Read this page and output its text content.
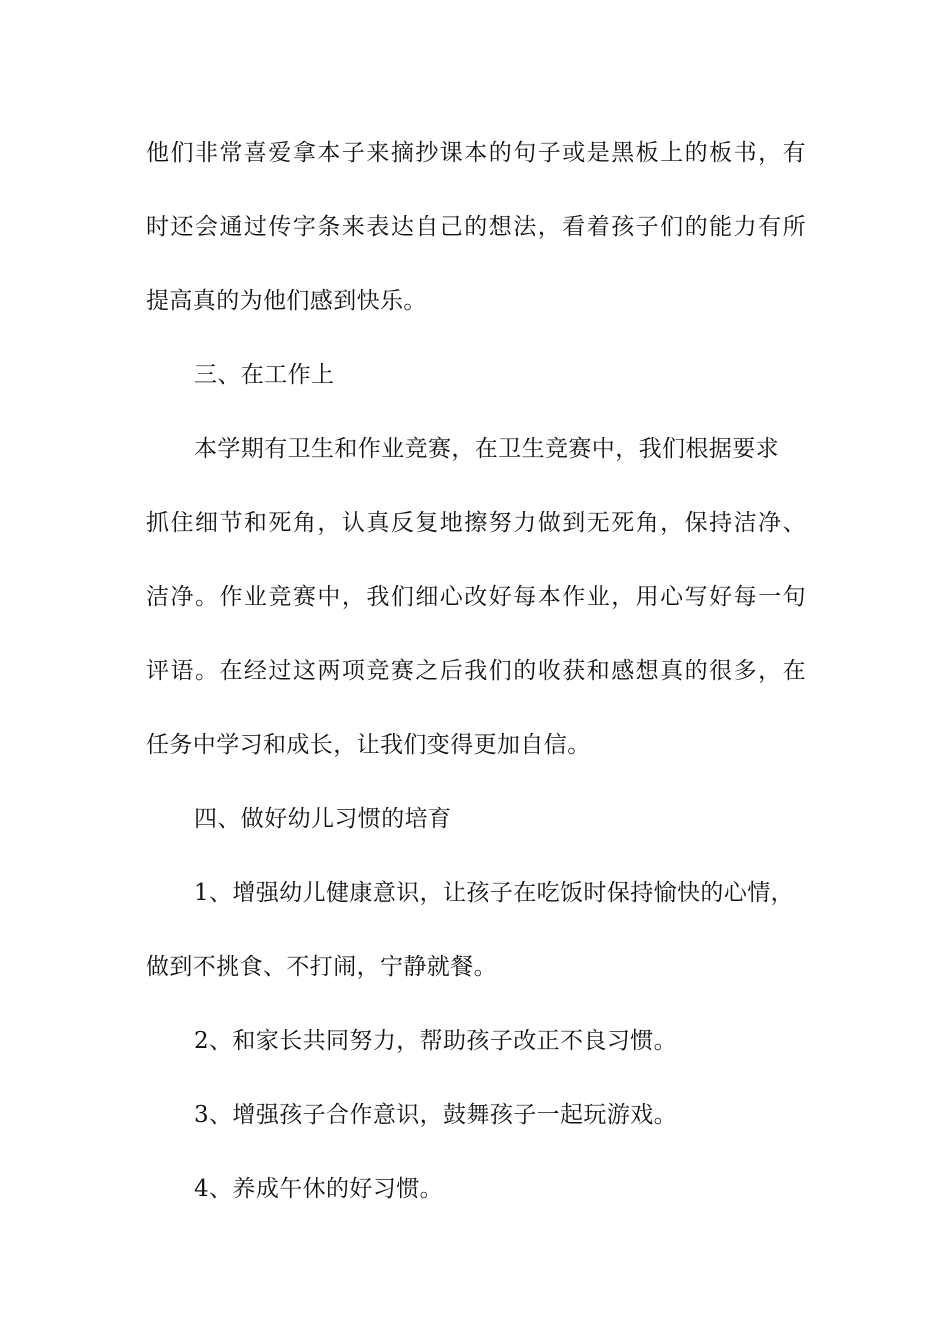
他们非常喜爱拿本子来摘抄课本的句子或是黑板上的板书，有
时还会通过传字条来表达自己的想法，看着孩子们的能力有所
提高真的为他们感到快乐。
三、在工作上
本学期有卫生和作业竞赛，在卫生竞赛中，我们根据要求
抓住细节和死角，认真反复地擦努力做到无死角，保持洁净、
洁净。作业竞赛中，我们细心改好每本作业，用心写好每一句
评语。在经过这两项竞赛之后我们的收获和感想真的很多，在
任务中学习和成长，让我们变得更加自信。
四、做好幼儿习惯的培育
1、增强幼儿健康意识，让孩子在吃饭时保持愉快的心情，
做到不挑食、不打闹，宁静就餐。
2、和家长共同努力，帮助孩子改正不良习惯。
3、增强孩子合作意识，鼓舞孩子一起玩游戏。
4、养成午休的好习惯。
